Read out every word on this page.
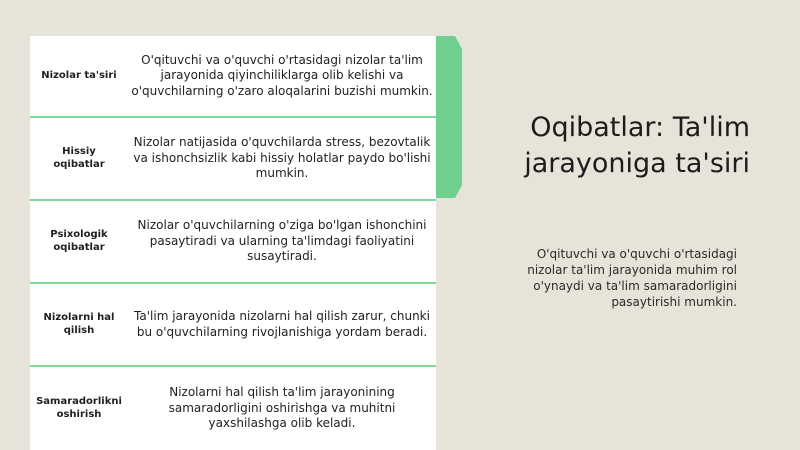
Nizolar ta'siri
O'qituvchi va o'quvchi o'rtasidagi nizolar ta'lim jarayonida qiyinchiliklarga olib kelishi va o'quvchilarning o'zaro aloqalarini buzishi mumkin.
Hissiy oqibatlar
Nizolar natijasida o'quvchilarda stress, bezovtalik va ishonchsizlik kabi hissiy holatlar paydo bo'lishi mumkin.
Psixologik oqibatlar
Nizolar o'quvchilarning o'ziga bo'lgan ishonchini pasaytiradi va ularning ta'limdagi faoliyatini susaytiradi.
Nizolarni hal qilish
Ta'lim jarayonida nizolarni hal qilish zarur, chunki bu o'quvchilarning rivojlanishiga yordam beradi.
Samaradorlikni oshirish
Nizolarni hal qilish ta'lim jarayonining samaradorligini oshirishga va muhitni yaxshilashga olib keladi.
Oqibatlar: Ta'lim jarayoniga ta'siri
O'qituvchi va o'quvchi o'rtasidagi nizolar ta'lim jarayonida muhim rol o'ynaydi va ta'lim samaradorligini pasaytirishi mumkin.
